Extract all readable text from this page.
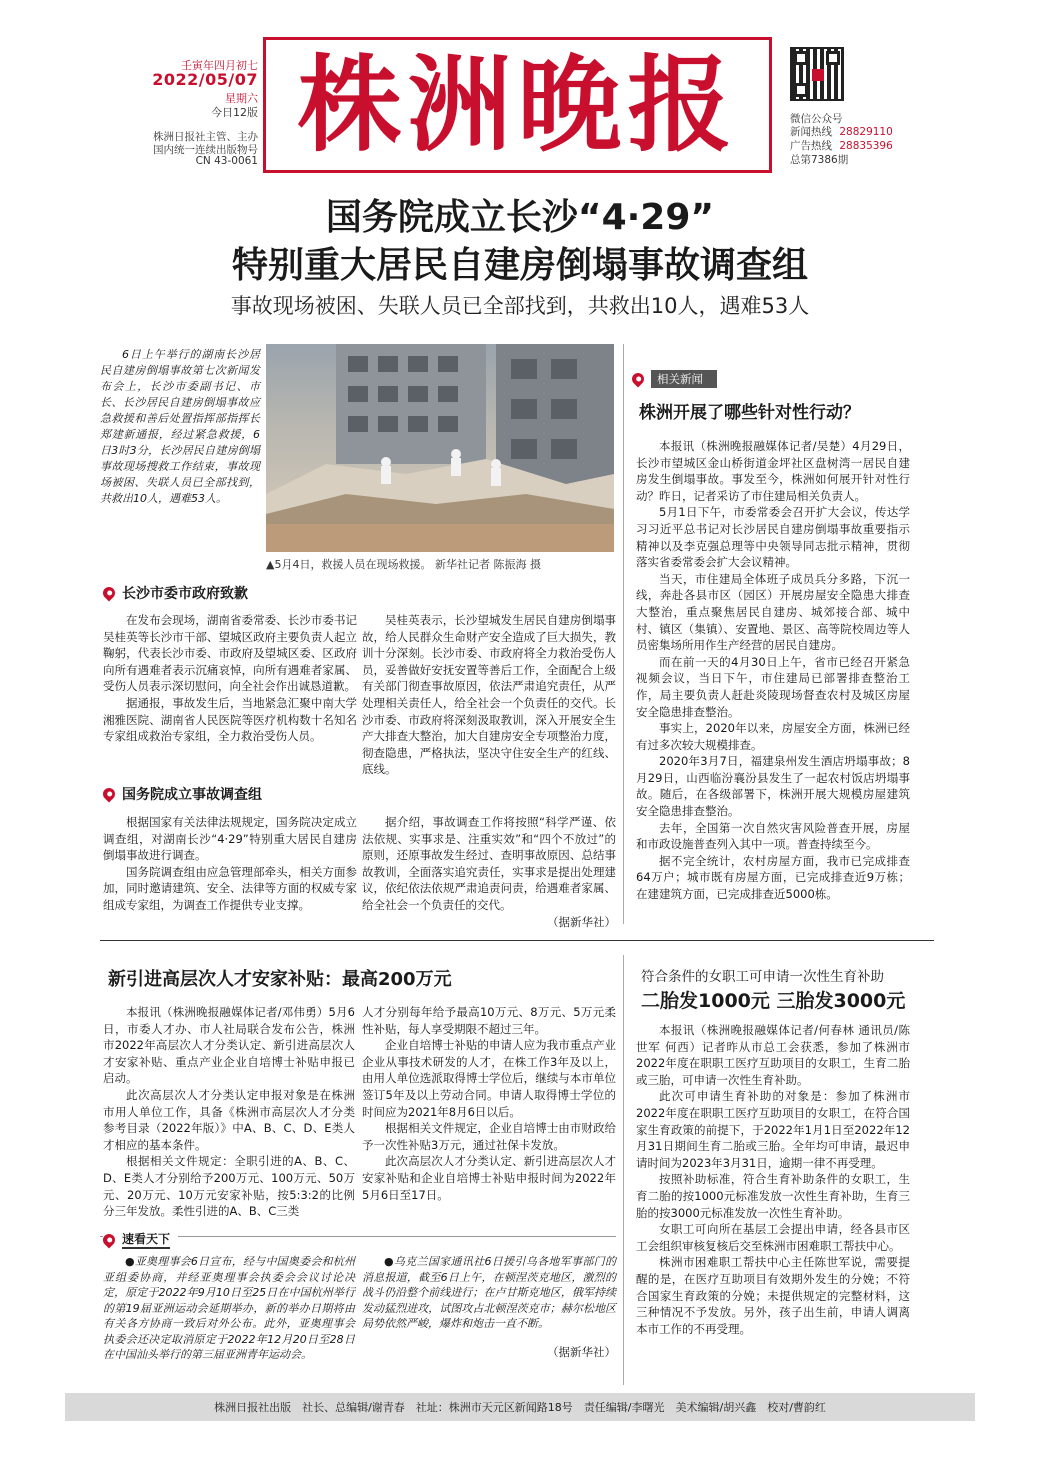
壬寅年四月初七
2022/05/07
星期六
今日12版
株洲日报社主管、主办
国内统一连续出版物号
CN 43-0061 株洲晚报	微信公众号
新闻热线 28829110
广告热线 28835396
总第7386期
国务院成立长沙“4·29”
特别重大居民自建房倒塌事故调查组
事故现场被困、失联人员已全部找到，共救出10人，遇难53人

6日上午举行的湖南长沙居民自建房倒塌事故第七次新闻发布会上，长沙市委副书记、市长、长沙居民自建房倒塌事故应急救援和善后处置指挥部指挥长郑建新通报，经过紧急救援，6日3时3分，长沙居民自建房倒塌事故现场搜救工作结束，事故现场被困、失联人员已全部找到，共救出10人，遇难53人。

▲5月4日，救援人员在现场救援。 新华社记者 陈振海 摄
长沙市委市政府致歉

在发布会现场，湖南省委常委、长沙市委书记吴桂英等长沙市干部、望城区政府主要负责人起立鞠躬，代表长沙市委、市政府及望城区委、区政府向所有遇难者表示沉痛哀悼，向所有遇难者家属、受伤人员表示深切慰问，向全社会作出诚恳道歉。

据通报，事故发生后，当地紧急汇聚中南大学湘雅医院、湖南省人民医院等医疗机构数十名知名专家组成救治专家组，全力救治受伤人员。

吴桂英表示，长沙望城发生居民自建房倒塌事故，给人民群众生命财产安全造成了巨大损失，教训十分深刻。长沙市委、市政府将全力救治受伤人员，妥善做好安抚安置等善后工作，全面配合上级有关部门彻查事故原因，依法严肃追究责任，从严处理相关责任人，给全社会一个负责任的交代。长沙市委、市政府将深刻汲取教训，深入开展安全生产大排查大整治，加大自建房安全专项整治力度，彻查隐患，严格执法，坚决守住安全生产的红线、底线。

国务院成立事故调查组

根据国家有关法律法规规定，国务院决定成立调查组，对湖南长沙“4·29”特别重大居民自建房倒塌事故进行调查。

国务院调查组由应急管理部牵头，相关方面参加，同时邀请建筑、安全、法律等方面的权威专家组成专家组，为调查工作提供专业支撑。

据介绍，事故调查工作将按照“科学严谨、依法依规、实事求是、注重实效”和“四个不放过”的原则，还原事故发生经过、查明事故原因、总结事故教训，全面落实追究责任，实事求是提出处理建议，依纪依法依规严肃追责问责，给遇难者家属、给全社会一个负责任的交代。

（据新华社）
相关新闻
株洲开展了哪些针对性行动？

本报讯（株洲晚报融媒体记者/吴楚）4月29日，长沙市望城区金山桥街道金坪社区盘树湾一居民自建房发生倒塌事故。事发至今，株洲如何展开针对性行动？昨日，记者采访了市住建局相关负责人。

5月1日下午，市委常委会召开扩大会议，传达学习习近平总书记对长沙居民自建房倒塌事故重要指示精神以及李克强总理等中央领导同志批示精神，贯彻落实省委常委会扩大会议精神。

当天，市住建局全体班子成员兵分多路，下沉一线，奔赴各县市区（园区）开展房屋安全隐患大排查大整治，重点聚焦居民自建房、城郊接合部、城中村、镇区（集镇）、安置地、景区、高等院校周边等人员密集场所用作生产经营的居民自建房。

而在前一天的4月30日上午，省市已经召开紧急视频会议，当日下午，市住建局已部署排查整治工作，局主要负责人赶赴炎陵现场督查农村及城区房屋安全隐患排查整治。

事实上，2020年以来，房屋安全方面，株洲已经有过多次较大规模排查。

2020年3月7日，福建泉州发生酒店坍塌事故；8月29日，山西临汾襄汾县发生了一起农村饭店坍塌事故。随后，在各级部署下，株洲开展大规模房屋建筑安全隐患排查整治。

去年，全国第一次自然灾害风险普查开展，房屋和市政设施普查列入其中一项。普查持续至今。

据不完全统计，农村房屋方面，我市已完成排查64万户；城市既有房屋方面，已完成排查近9万栋；在建建筑方面，已完成排查近5000栋。

新引进高层次人才安家补贴：最高200万元

本报讯（株洲晚报融媒体记者/邓伟勇）5月6日，市委人才办、市人社局联合发布公告，株洲市2022年高层次人才分类认定、新引进高层次人才安家补贴、重点产业企业自培博士补贴申报已启动。

此次高层次人才分类认定申报对象是在株洲市用人单位工作，具备《株洲市高层次人才分类参考目录（2022年版）》中A、B、C、D、E类人才相应的基本条件。

根据相关文件规定：全职引进的A、B、C、D、E类人才分别给予200万元、100万元、50万元、20万元、10万元安家补贴，按5:3:2的比例分三年发放。柔性引进的A、B、C三类

人才分别每年给予最高10万元、8万元、5万元柔性补贴，每人享受期限不超过三年。

企业自培博士补贴的申请人应为我市重点产业企业从事技术研发的人才，在株工作3年及以上，由用人单位选派取得博士学位后，继续与本市单位签订5年及以上劳动合同。申请人取得博士学位的时间应为2021年8月6日以后。

根据相关文件规定，企业自培博士由市财政给予一次性补贴3万元，通过社保卡发放。

此次高层次人才分类认定、新引进高层次人才安家补贴和企业自培博士补贴申报时间为2022年5月6日至17日。

符合条件的女职工可申请一次性生育补助
二胎发1000元 三胎发3000元

本报讯（株洲晚报融媒体记者/何春林 通讯员/陈世军 何西）记者昨从市总工会获悉，参加了株洲市2022年度在职职工医疗互助项目的女职工，生育二胎或三胎，可申请一次性生育补助。

此次可申请生育补助的对象是：参加了株洲市2022年度在职职工医疗互助项目的女职工，在符合国家生育政策的前提下，于2022年1月1日至2022年12月31日期间生育二胎或三胎。全年均可申请，最迟申请时间为2023年3月31日，逾期一律不再受理。

按照补助标准，符合生育补助条件的女职工，生育二胎的按1000元标准发放一次性生育补助，生育三胎的按3000元标准发放一次性生育补助。

女职工可向所在基层工会提出申请，经各县市区工会组织审核复核后交至株洲市困难职工帮扶中心。

株洲市困难职工帮扶中心主任陈世军说，需要提醒的是，在医疗互助项目有效期外发生的分娩；不符合国家生育政策的分娩；未提供规定的完整材料，这三种情况不予发放。另外，孩子出生前，申请人调离本市工作的不再受理。

速看天下

●亚奥理事会6日宣布，经与中国奥委会和杭州亚组委协商，并经亚奥理事会执委会会议讨论决定，原定于2022年9月10日至25日在中国杭州举行的第19届亚洲运动会延期举办，新的举办日期将由有关各方协商一致后对外公布。此外，亚奥理事会执委会还决定取消原定于2022年12月20日至28日在中国汕头举行的第三届亚洲青年运动会。

●乌克兰国家通讯社6日援引乌各地军事部门的消息报道，截至6日上午，在顿涅茨克地区，激烈的战斗仍沿整个前线进行；在卢甘斯克地区，俄军持续发动猛烈进攻，试图攻占北顿涅茨克市；赫尔松地区局势依然严峻，爆炸和炮击一直不断。

（据新华社）
株洲日报社出版　社长、总编辑/谢青春　社址：株洲市天元区新闻路18号　责任编辑/李曙光　美术编辑/胡兴鑫　校对/曹韵红
